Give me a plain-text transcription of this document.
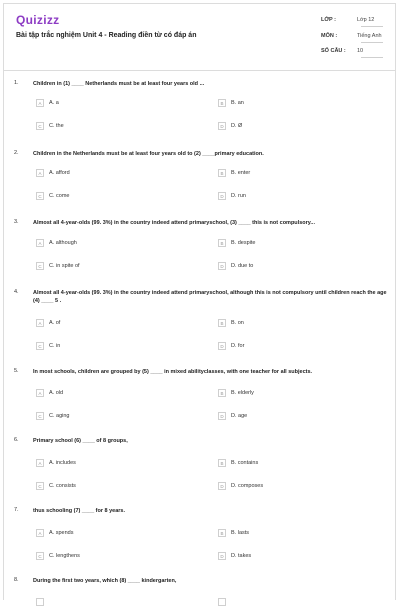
Quizizz
Bài tập trắc nghiệm Unit 4 - Reading điền từ có đáp án
LỚP :	Lớp 12
MÔN :	Tiếng Anh
SỐ CÂU : 10
1.	Children in (1) ____ Netherlands must be at least four years old ...
A	A. a	B	B. an
C	C. the	D	D. Ø
2.	Children in the Netherlands must be at least four years old to (2) ____primary education.
A	A. afford	B	B. enter
C	C. come	D	D. run
3.	Almost all 4-year-olds (99. 3%) in the country indeed attend primaryschool, (3) ____ this is not compulsory...
A	A. although	B	B. despite
C	C. in spite of	D	D. due to
4.	Almost all 4-year-olds (99. 3%) in the country indeed attend primaryschool, although this is not compulsory until children reach the age (4) ____ 5 .
A	A. of	B	B. on
C	C. in	D	D. for
5.	In most schools, children are grouped by (5) ____ in mixed abilityclasses, with one teacher for all subjects.
A	A. old	B	B. elderly
C	C. aging	D	D. age
6.	Primary school (6) ____ of 8 groups,
A	A. includes	B	B. contains
C	C. consists	D	D. composes
7.	thus schooling (7) ____ for 8 years.
A	A. spends	B	B. lasts
C	C. lengthens	D	D. takes
8.	During the first two years, which (8) ____ kindergarten,
